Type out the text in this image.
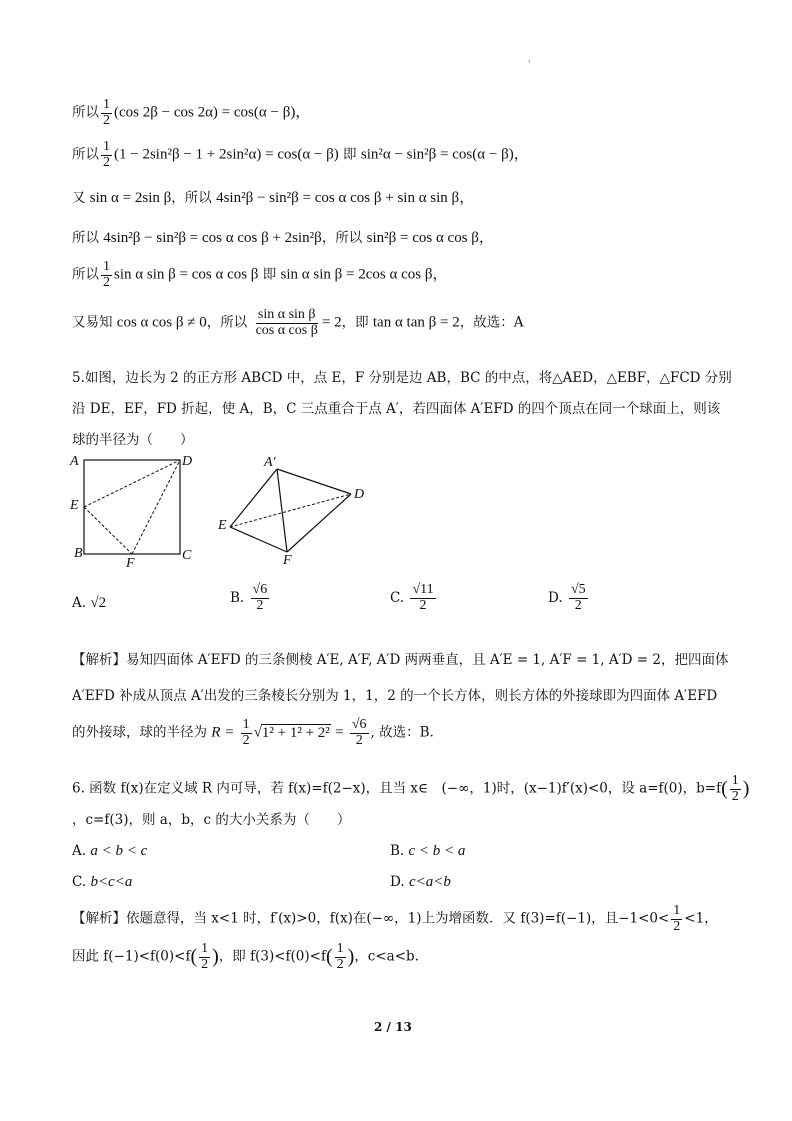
'
所以 $\frac{1}{2} (\cos$ 2β − cos 2α) = cos(α − β)，
所以 $\frac{1}{2} (1 - 2\sin^2\beta - 1 + 2\sin^2\alpha) = \cos(\alpha - \beta)$ 即 sin²α − sin²β = cos(α − β)，
又 sin α = 2sin β，所以 4sin²β − sin²β = cos α cos β + sin α sin β，
所以 4sin²β − sin²β = cos α cos β + 2sin²β，所以 sin²β = cos α cos β，
所以 $\frac{1}{2}$ sin α sin β = cos α cos β 即 sin α sin β = 2cos α cos β，
又易知 cos α cos β ≠ 0，所以 $\frac{\text{sin α sin β}}{\text{cos α cos β}} = 2$，即 tan α tan β = 2，故选：A
5.如图，边长为 2 的正方形 ABCD 中，点 E，F 分别是边 AB，BC 的中点，将△AED，△EBF，△FCD 分别
沿 DE，EF，FD 折起，使 A，B，C 三点重合于点 A′，若四面体 A′EFD 的四个顶点在同一个球面上，则该
球的半径为（　　）
A	D
E
B
F
C
A′
D
E
F
A. √2	B. $\frac{√6}{2}$	C. $\frac{√11}{2}$	D. $\frac{√5}{2}$
【解析】易知四面体 A′EFD 的三条侧棱 A′E, A′F, A′D 两两垂直，且 A′E = 1, A′F = 1, A′D = 2，把四面体
A′EFD 补成从顶点 A′出发的三条棱长分别为 1，1，2 的一个长方体，则长方体的外接球即为四面体 A′EFD
的外接球，球的半径为 $R = \frac{1}{2} √1^2 + 1^2 + 2^2 = \frac{√6}{2}$ , 故选：B.
6. 函数 f(x)在定义域 R 内可导，若 f(x)=f(2−x)，且当 x∈　(−∞，1)时，(x−1)f′(x)<0，设 a=f(0)，$b=f( \frac{1}{2}$ )
，c=f(3)，则 a，b，c 的大小关系为（　　）
A. a < b < c	B. c < b < a
C. b<c<a	D. c<a<b
【解析】依题意得，当 x<1 时，f′(x)>0，f(x)在(−∞，1)上为增函数．又 f(3)=f(−1)，且$-1<0< \frac{1}{2} <1$，
因此 $f(-1)<f(0)<f( \frac{1}{2}$ )，即 $f(3)<f(0)<f( \frac{1}{2}$ )，c<a<b.
2 / 13
